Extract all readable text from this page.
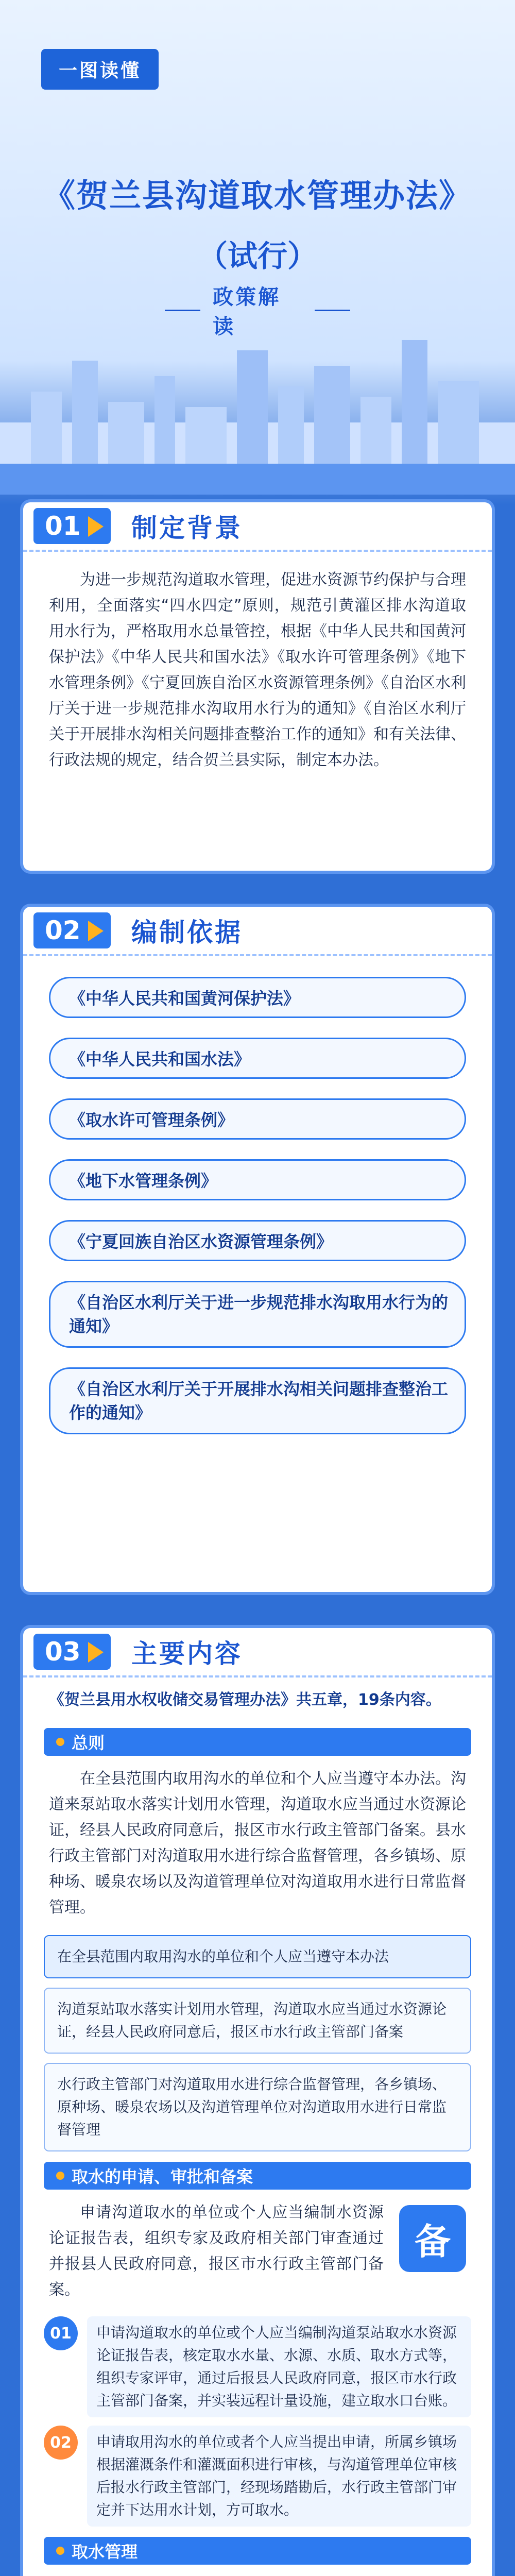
一图读懂
《贺兰县沟道取水管理办法》
（试行）
政策解读
01	制定背景

为进一步规范沟道取水管理，促进水资源节约保护与合理利用，全面落实“四水四定”原则，规范引黄灌区排水沟道取用水行为，严格取用水总量管控，根据《中华人民共和国黄河保护法》《中华人民共和国水法》《取水许可管理条例》《地下水管理条例》《宁夏回族自治区水资源管理条例》《自治区水利厅关于进一步规范排水沟取用水行为的通知》《自治区水利厅关于开展排水沟相关问题排查整治工作的通知》和有关法律、行政法规的规定，结合贺兰县实际，制定本办法。

02	编制依据
《中华人民共和国黄河保护法》
《中华人民共和国水法》
《取水许可管理条例》
《地下水管理条例》
《宁夏回族自治区水资源管理条例》
《自治区水利厅关于进一步规范排水沟取用水行为的通知》
《自治区水利厅关于开展排水沟相关问题排查整治工作的通知》
03	主要内容
《贺兰县用水权收储交易管理办法》共五章，19条内容。
总则

在全县范围内取用沟水的单位和个人应当遵守本办法。沟道来泵站取水落实计划用水管理，沟道取水应当通过水资源论证，经县人民政府同意后，报区市水行政主管部门备案。县水行政主管部门对沟道取用水进行综合监督管理，各乡镇场、原种场、暖泉农场以及沟道管理单位对沟道取用水进行日常监督管理。

在全县范围内取用沟水的单位和个人应当遵守本办法
沟道泵站取水落实计划用水管理，沟道取水应当通过水资源论证，经县人民政府同意后，报区市水行政主管部门备案
水行政主管部门对沟道取用水进行综合监督管理，各乡镇场、原种场、暖泉农场以及沟道管理单位对沟道取用水进行日常监督管理
取水的申请、审批和备案

申请沟道取水的单位或个人应当编制水资源论证报告表，组织专家及政府相关部门审查通过并报县人民政府同意，报区市水行政主管部门备案。

备
01	申请沟道取水的单位或个人应当编制沟道泵站取水水资源论证报告表，核定取水水量、水源、水质、取水方式等，组织专家评审，通过后报县人民政府同意，报区市水行政主管部门备案，并实装远程计量设施，建立取水口台账。
02	申请取用沟水的单位或者个人应当提出申请，所属乡镇场根据灌溉条件和灌溉面积进行审核，与沟道管理单位审核后报水行政主管部门，经现场踏勘后，水行政主管部门审定并下达用水计划，方可取水。
取水管理
